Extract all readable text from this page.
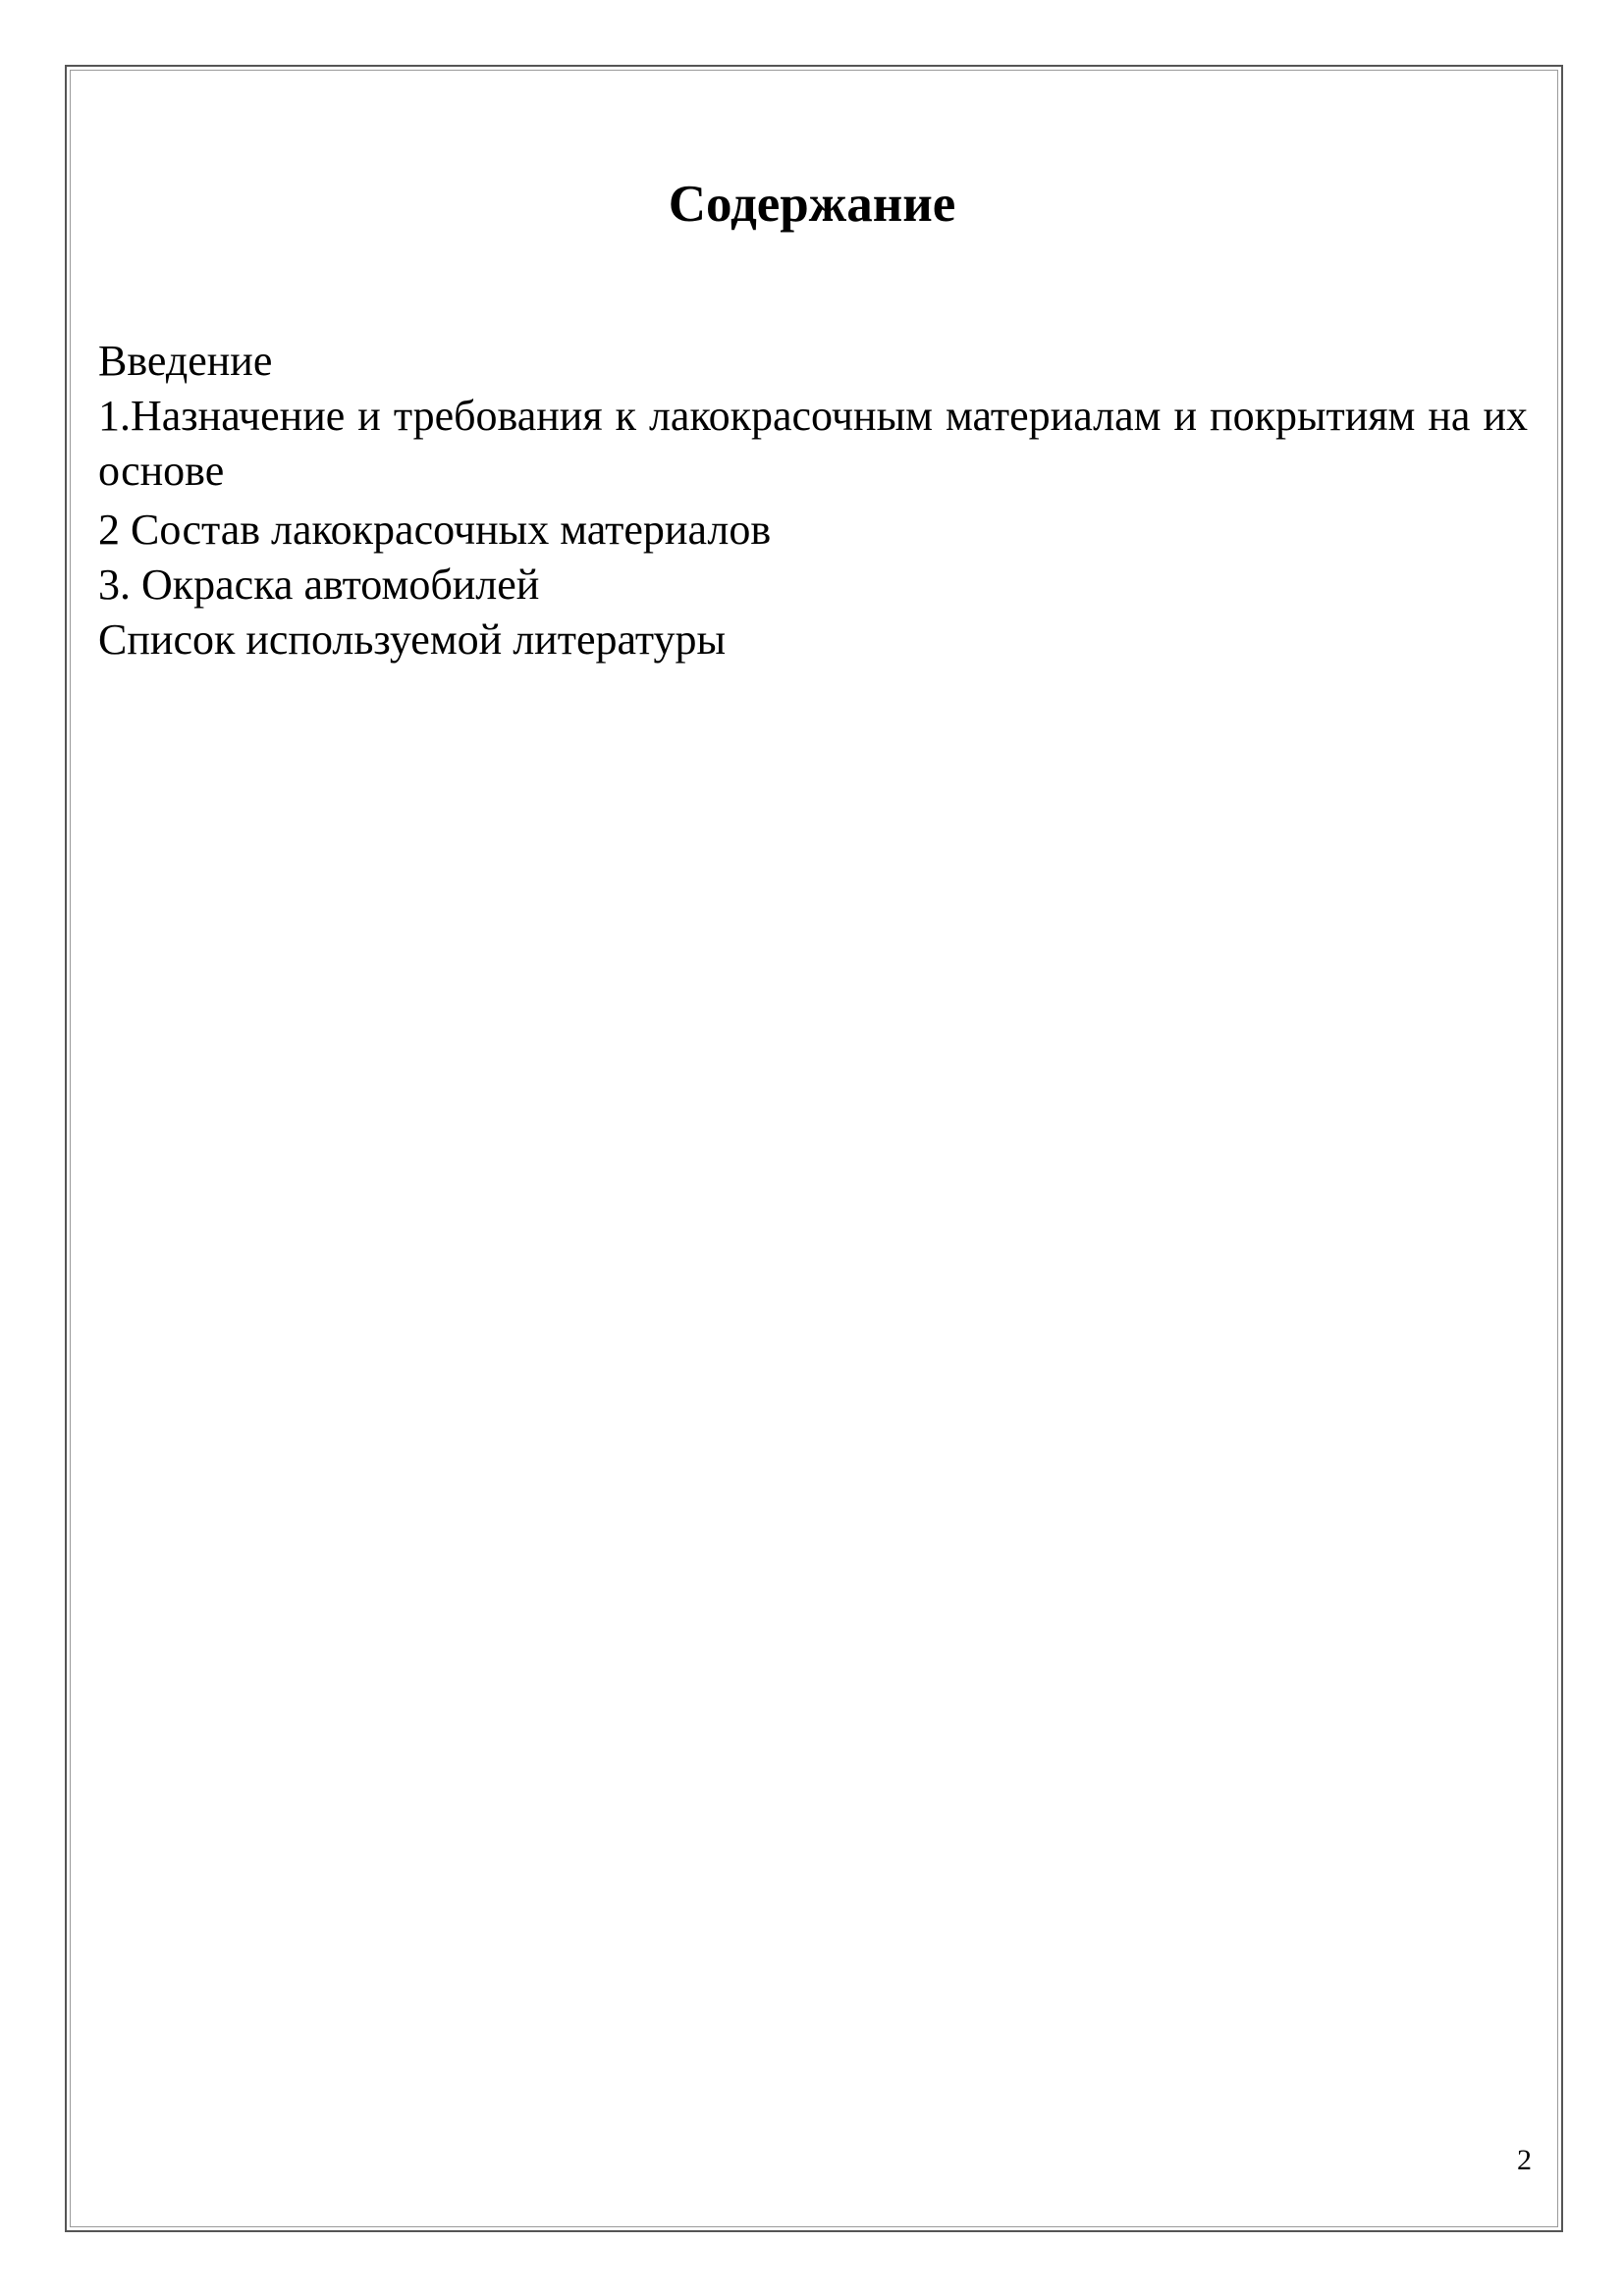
Содержание
Введение
1.Назначение и требования к лакокрасочным материалам и покрытиям на их основе
2 Состав лакокрасочных материалов
3. Окраска автомобилей
Список используемой литературы
2
